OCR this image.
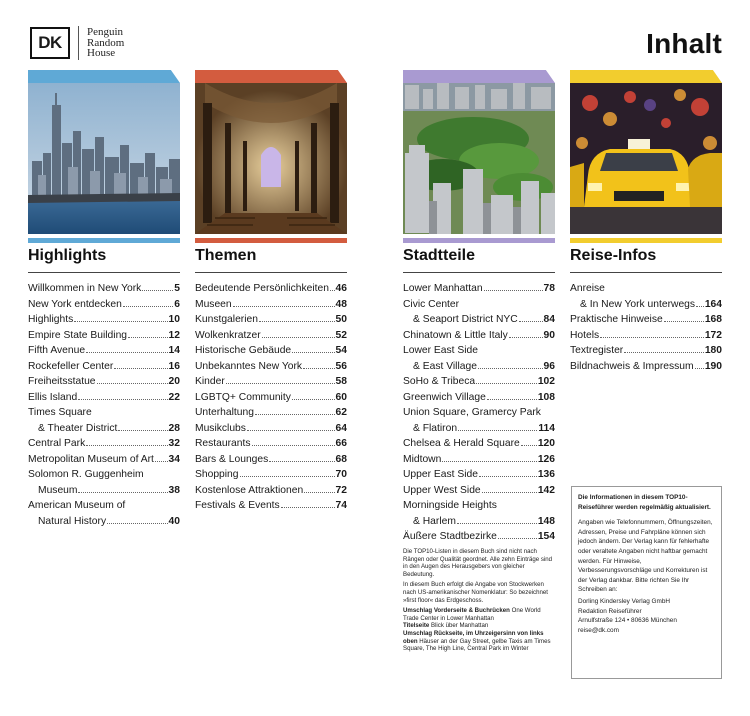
DK
Penguin
Random
House	Inhalt
Highlights
Willkommen in New York	5
New York entdecken	6
Highlights	10
Empire State Building	12
Fifth Avenue	14
Rockefeller Center	16
Freiheitsstatue	20
Ellis Island	22
Times Square
& Theater District	28
Central Park	32
Metropolitan Museum of Art 34
Solomon R. Guggenheim
Museum	38
American Museum of
Natural History	40
Themen
Bedeutende Persönlichkeiten 46
Museen	48
Kunstgalerien	50
Wolkenkratzer	52
Historische Gebäude	54
Unbekanntes New York	56
Kinder	58
LGBTQ+ Community	60
Unterhaltung	62
Musikclubs	64
Restaurants	66
Bars & Lounges	68
Shopping	70
Kostenlose Attraktionen	72
Festivals & Events	74
Stadtteile
Lower Manhattan	78
Civic Center
& Seaport District NYC	84
Chinatown & Little Italy	90
Lower East Side
& East Village	96
SoHo & Tribeca	102
Greenwich Village	108
Union Square, Gramercy Park
& Flatiron	114
Chelsea & Herald Square 120
Midtown	126
Upper East Side	136
Upper West Side	142
Morningside Heights
& Harlem	148
Äußere Stadtbezirke	154
Reise-Infos
Anreise
& In New York unterwegs 164
Praktische Hinweise	168
Hotels	172
Textregister	180
Bildnachweis & Impressum 190

Die TOP10-Listen in diesem Buch sind nicht nach Rängen oder Qualität geordnet. Alle zehn Einträge sind in den Augen des Herausgebers von gleicher Bedeutung.

In diesem Buch erfolgt die Angabe von Stockwerken nach US-amerikanischer Nomenklatur: So bezeichnet »first floor« das Erdgeschoss.

Umschlag Vorderseite & Buchrücken One World Trade Center in Lower Manhattan
Titelseite Blick über Manhattan
Umschlag Rückseite, im Uhrzeigersinn von links oben Häuser an der Gay Street, gelbe Taxis am Times Square, The High Line, Central Park im Winter

Die Informationen in diesem TOP10-Reiseführer werden regelmäßig aktualisiert.
Angaben wie Telefonnummern, Öffnungszeiten, Adressen, Preise und Fahrpläne können sich jedoch ändern. Der Verlag kann für fehlerhafte oder veraltete Angaben nicht haftbar gemacht werden. Für Hinweise, Verbesserungsvorschläge und Korrekturen ist der Verlag dankbar. Bitte richten Sie Ihr Schreiben an:
Dorling Kindersley Verlag GmbH
Redaktion Reiseführer
Arnulfstraße 124 • 80636 München
reise@dk.com
